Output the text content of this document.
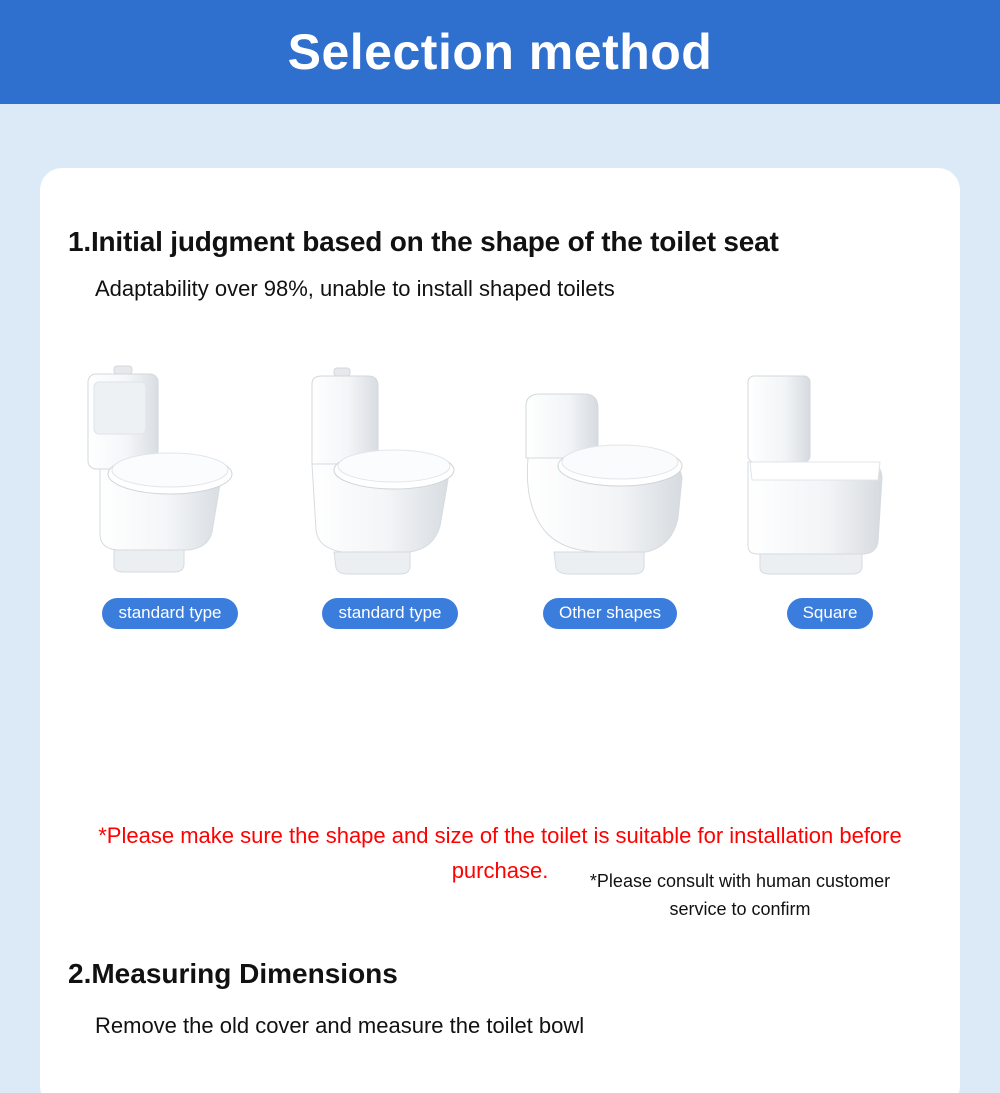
Selection method
1.Initial judgment based on the shape of the toilet seat

Adaptability over 98%, unable to install shaped toilets

standard type	standard type	Other shapes	Square
*Please consult with human customer service to confirm
*Please make sure the shape and size of the toilet is suitable for installation before purchase.
2.Measuring Dimensions
Remove the old cover and measure the toilet bowl
